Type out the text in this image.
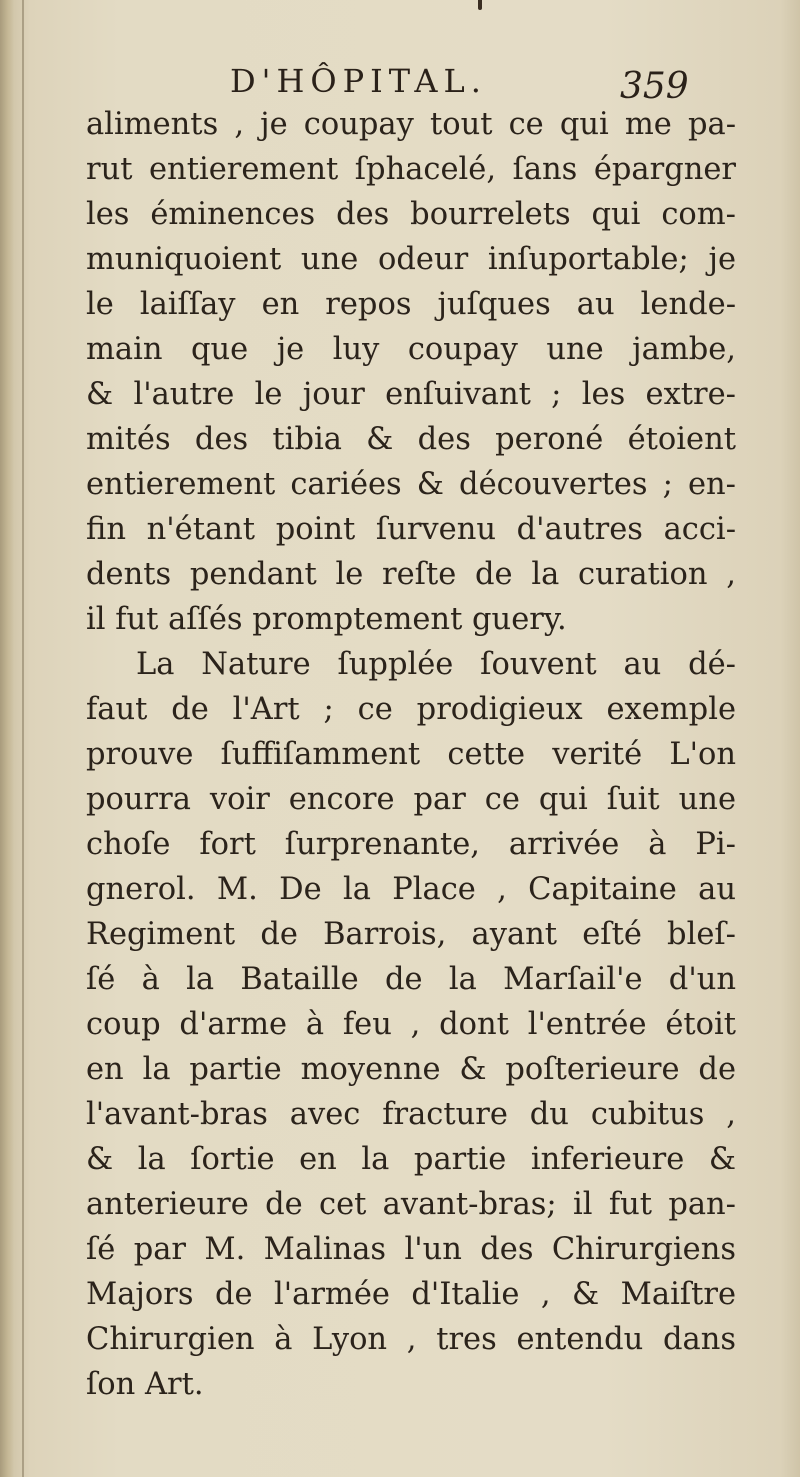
D'HÔPITAL.	359
aliments , je coupay tout ce qui me pa-
rut entierement ſphacelé, ſans épargner
les éminences des bourrelets qui com-
muniquoient une odeur inſuportable; je
le laiſſay en repos juſques au lende-
main que je luy coupay une jambe,
& l'autre le jour enſuivant ; les extre-
mités des tibia & des peroné étoient
entierement cariées & découvertes ; en-
fin n'étant point ſurvenu d'autres acci-
dents pendant le reſte de la curation ,
il fut aſſés promptement guery.
La Nature ſupplée ſouvent au dé-
faut de l'Art ; ce prodigieux exemple
prouve ſuffiſamment cette verité L'on
pourra voir encore par ce qui ſuit une
choſe fort ſurprenante, arrivée à Pi-
gnerol. M. De la Place , Capitaine au
Regiment de Barrois, ayant eſté bleſ-
ſé à la Bataille de la Marſail'e d'un
coup d'arme à feu , dont l'entrée étoit
en la partie moyenne & poſterieure de
l'avant-bras avec fracture du cubitus ,
& la ſortie en la partie inferieure &
anterieure de cet avant-bras; il fut pan-
ſé par M. Malinas l'un des Chirurgiens
Majors de l'armée d'Italie , & Maiſtre
Chirurgien à Lyon , tres entendu dans
ſon Art.
